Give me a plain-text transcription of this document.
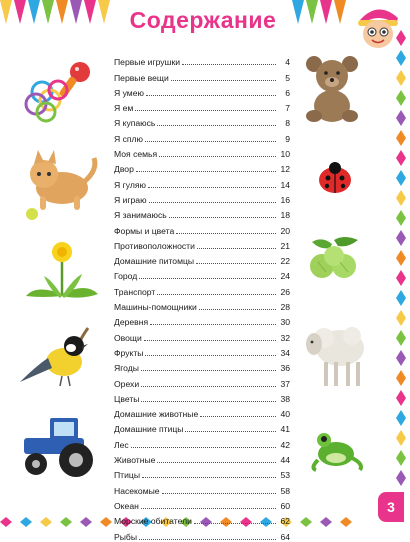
Содержание
Первые игрушки	4
Первые вещи	5
Я умею	6
Я ем	7
Я купаюсь	8
Я сплю	9
Моя семья	10
Двор	12
Я гуляю	14
Я играю	16
Я занимаюсь	18
Формы и цвета	20
Противоположности	21
Домашние питомцы	22
Город	24
Транспорт	26
Машины-помощники	28
Деревня	30
Овощи	32
Фрукты	34
Ягоды	36
Орехи	37
Цветы	38
Домашние животные	40
Домашние птицы	41
Лес	42
Животные	44
Птицы	53
Насекомые	58
Океан	60
Морские обитатели	62
Рыбы	64
3
